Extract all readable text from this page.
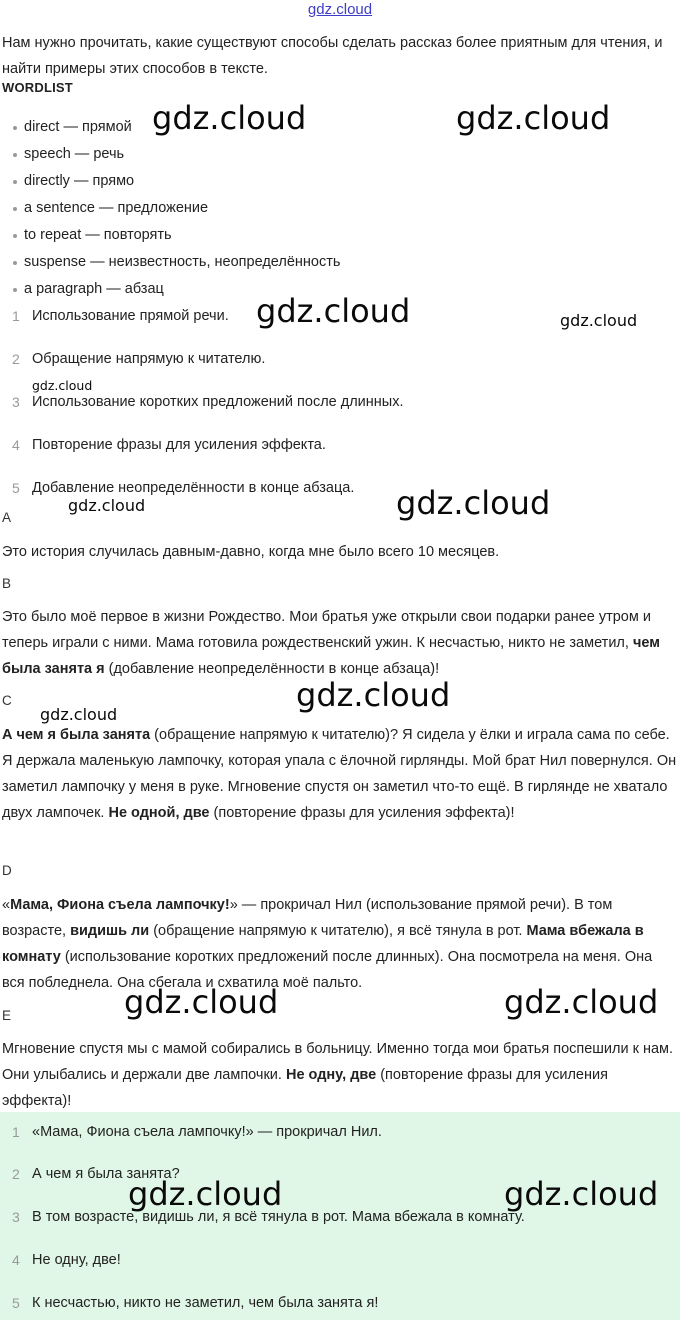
gdz.cloud
Нам нужно прочитать, какие существуют способы сделать рассказ более приятным для чтения, и найти примеры этих способов в тексте.
WORDLIST
direct — прямой
speech — речь
directly — прямо
a sentence — предложение
to repeat — повторять
suspense — неизвестность, неопределённость
a paragraph — абзац
1 Использование прямой речи.
2 Обращение напрямую к читателю.
3 Использование коротких предложений после длинных.
4 Повторение фразы для усиления эффекта.
5 Добавление неопределённости в конце абзаца.
A
Это история случилась давным-давно, когда мне было всего 10 месяцев.
B
Это было моё первое в жизни Рождество. Мои братья уже открыли свои подарки ранее утром и теперь играли с ними. Мама готовила рождественский ужин. К несчастью, никто не заметил, чем была занята я (добавление неопределённости в конце абзаца)!
C
А чем я была занята (обращение напрямую к читателю)? Я сидела у ёлки и играла сама по себе. Я держала маленькую лампочку, которая упала с ёлочной гирлянды. Мой брат Нил повернулся. Он заметил лампочку у меня в руке. Мгновение спустя он заметил что-то ещё. В гирлянде не хватало двух лампочек. Не одной, две (повторение фразы для усиления эффекта)!
D
«Мама, Фиона съела лампочку!» — прокричал Нил (использование прямой речи). В том возрасте, видишь ли (обращение напрямую к читателю), я всё тянула в рот. Мама вбежала в комнату (использование коротких предложений после длинных). Она посмотрела на меня. Она вся побледнела. Она сбегала и схватила моё пальто.
E
Мгновение спустя мы с мамой собирались в больницу. Именно тогда мои братья поспешили к нам. Они улыбались и держали две лампочки. Не одну, две (повторение фразы для усиления эффекта)!
1 «Мама, Фиона съела лампочку!» — прокричал Нил.
2 А чем я была занята?
3 В том возрасте, видишь ли, я всё тянула в рот. Мама вбежала в комнату.
4 Не одну, две!
5 К несчастью, никто не заметил, чем была занята я!
gdz.cloud	gdz.cloud
gdz.cloud	gdz.cloud
gdz.cloud
gdz.cloud	gdz.cloud
gdz.cloud
gdz.cloud
gdz.cloud	gdz.cloud
gdz.cloud	gdz.cloud
